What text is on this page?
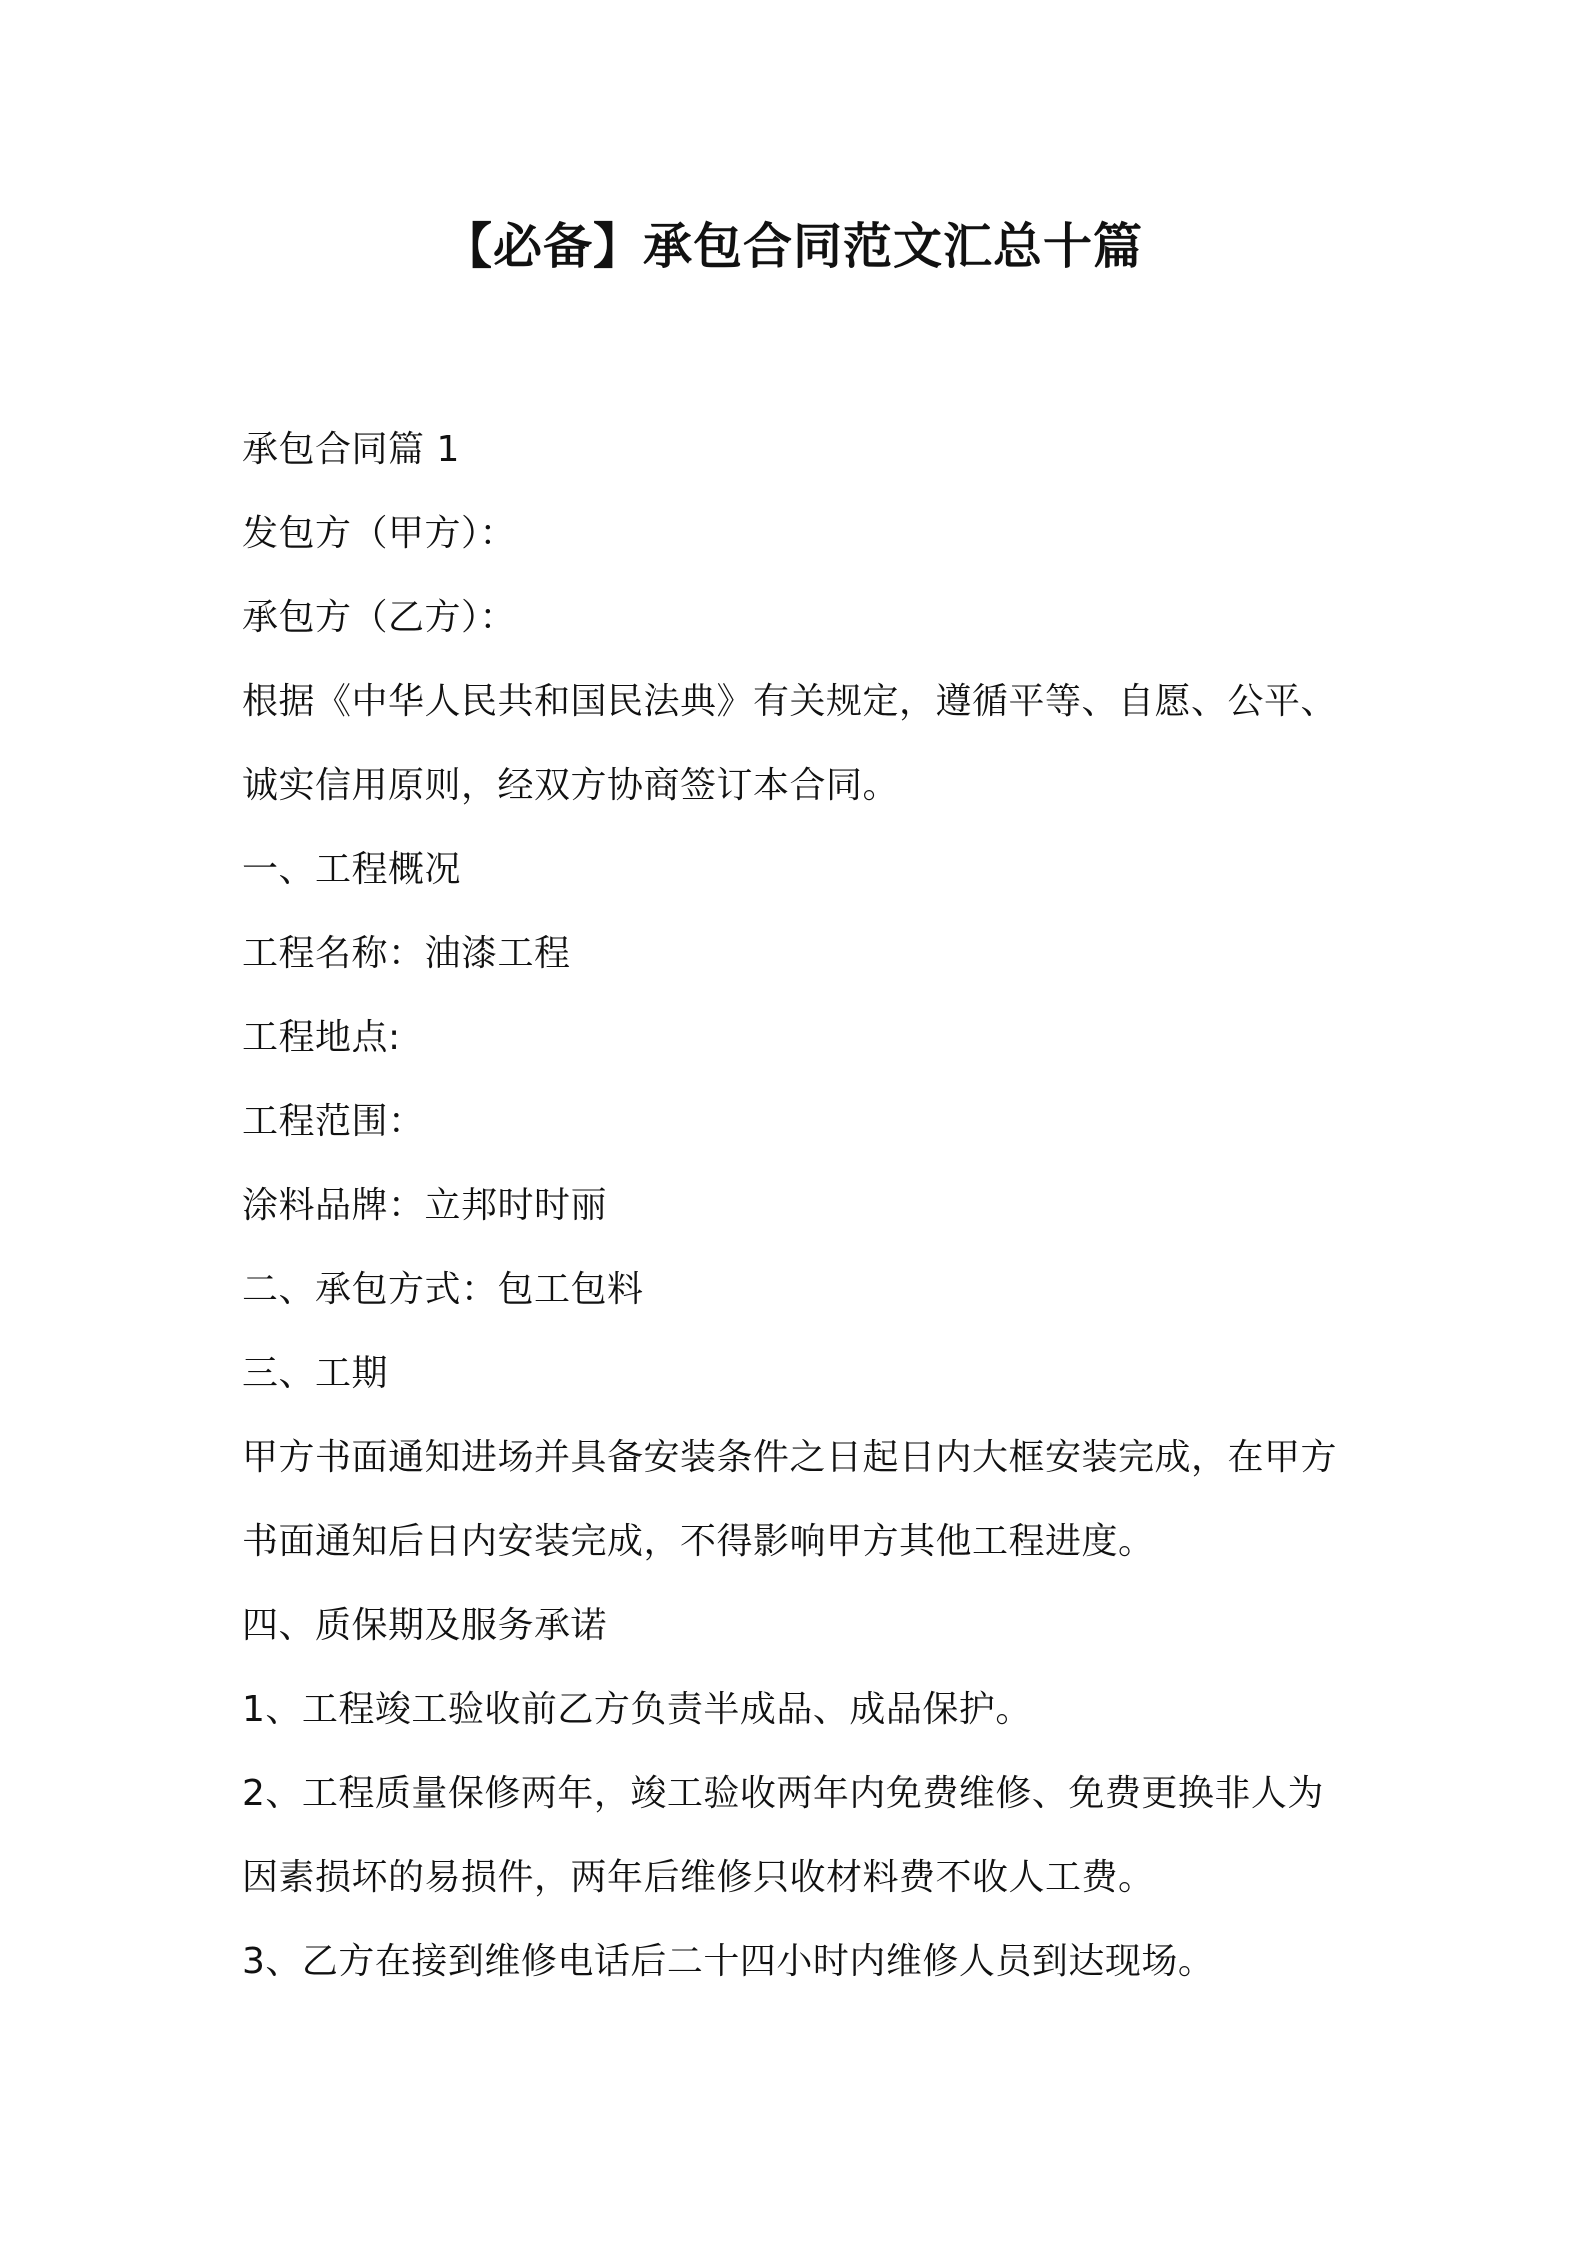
【必备】承包合同范文汇总十篇

承包合同篇 1

发包方（甲方）：

承包方（乙方）：

根据《中华人民共和国民法典》有关规定，遵循平等、自愿、公平、

诚实信用原则，经双方协商签订本合同。

一、工程概况

工程名称：油漆工程

工程地点:

工程范围：

涂料品牌：立邦时时丽

二、承包方式：包工包料

三、工期

甲方书面通知进场并具备安装条件之日起日内大框安装完成，在甲方

书面通知后日内安装完成，不得影响甲方其他工程进度。

四、质保期及服务承诺

1、工程竣工验收前乙方负责半成品、成品保护。

2、工程质量保修两年，竣工验收两年内免费维修、免费更换非人为

因素损坏的易损件，两年后维修只收材料费不收人工费。

3、乙方在接到维修电话后二十四小时内维修人员到达现场。
